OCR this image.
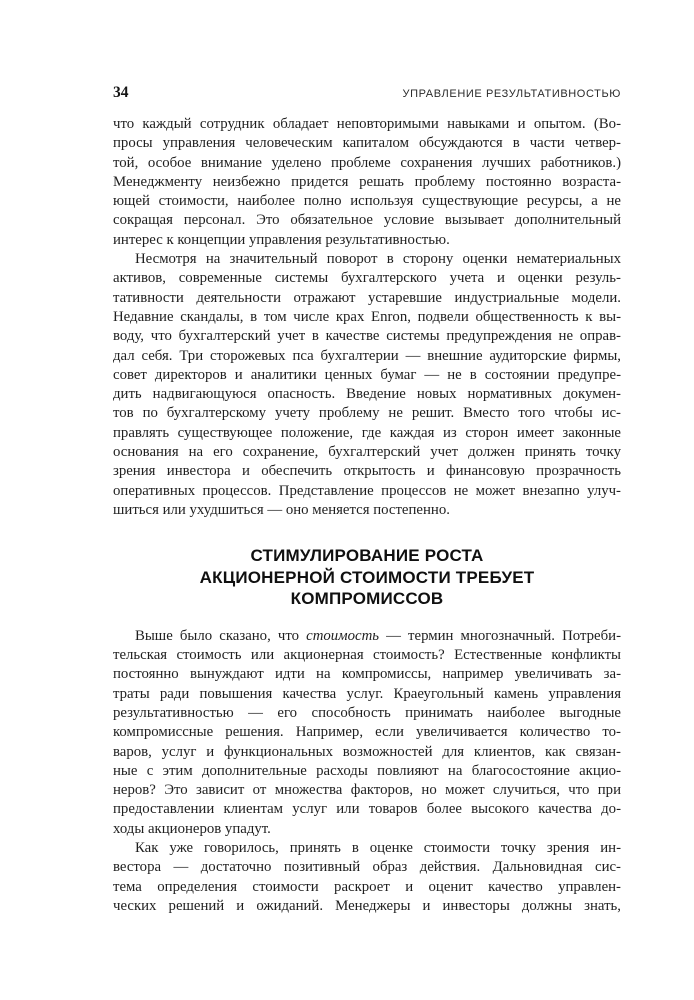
34	УПРАВЛЕНИЕ РЕЗУЛЬТАТИВНОСТЬЮ
что каждый сотрудник обладает неповторимыми навыками и опытом. (Во-
просы управления человеческим капиталом обсуждаются в части четвер-
той, особое внимание уделено проблеме сохранения лучших работников.)
Менеджменту неизбежно придется решать проблему постоянно возраста-
ющей стоимости, наиболее полно используя существующие ресурсы, а не
сокращая персонал. Это обязательное условие вызывает дополнительный
интерес к концепции управления результативностью.
Несмотря на значительный поворот в сторону оценки нематериальных
активов, современные системы бухгалтерского учета и оценки резуль-
тативности деятельности отражают устаревшие индустриальные модели.
Недавние скандалы, в том числе крах Enron, подвели общественность к вы-
воду, что бухгалтерский учет в качестве системы предупреждения не оправ-
дал себя. Три сторожевых пса бухгалтерии — внешние аудиторские фирмы,
совет директоров и аналитики ценных бумаг — не в состоянии предупре-
дить надвигающуюся опасность. Введение новых нормативных докумен-
тов по бухгалтерскому учету проблему не решит. Вместо того чтобы ис-
правлять существующее положение, где каждая из сторон имеет законные
основания на его сохранение, бухгалтерский учет должен принять точку
зрения инвестора и обеспечить открытость и финансовую прозрачность
оперативных процессов. Представление процессов не может внезапно улуч-
шиться или ухудшиться — оно меняется постепенно.
СТИМУЛИРОВАНИЕ РОСТА
АКЦИОНЕРНОЙ СТОИМОСТИ ТРЕБУЕТ
КОМПРОМИССОВ
Выше было сказано, что стоимость — термин многозначный. Потреби-
тельская стоимость или акционерная стоимость? Естественные конфликты
постоянно вынуждают идти на компромиссы, например увеличивать за-
траты ради повышения качества услуг. Краеугольный камень управления
результативностью — его способность принимать наиболее выгодные
компромиссные решения. Например, если увеличивается количество то-
варов, услуг и функциональных возможностей для клиентов, как связан-
ные с этим дополнительные расходы повлияют на благосостояние акцио-
неров? Это зависит от множества факторов, но может случиться, что при
предоставлении клиентам услуг или товаров более высокого качества до-
ходы акционеров упадут.
Как уже говорилось, принять в оценке стоимости точку зрения ин-
вестора — достаточно позитивный образ действия. Дальновидная сис-
тема определения стоимости раскроет и оценит качество управлен-
ческих решений и ожиданий. Менеджеры и инвесторы должны знать,
